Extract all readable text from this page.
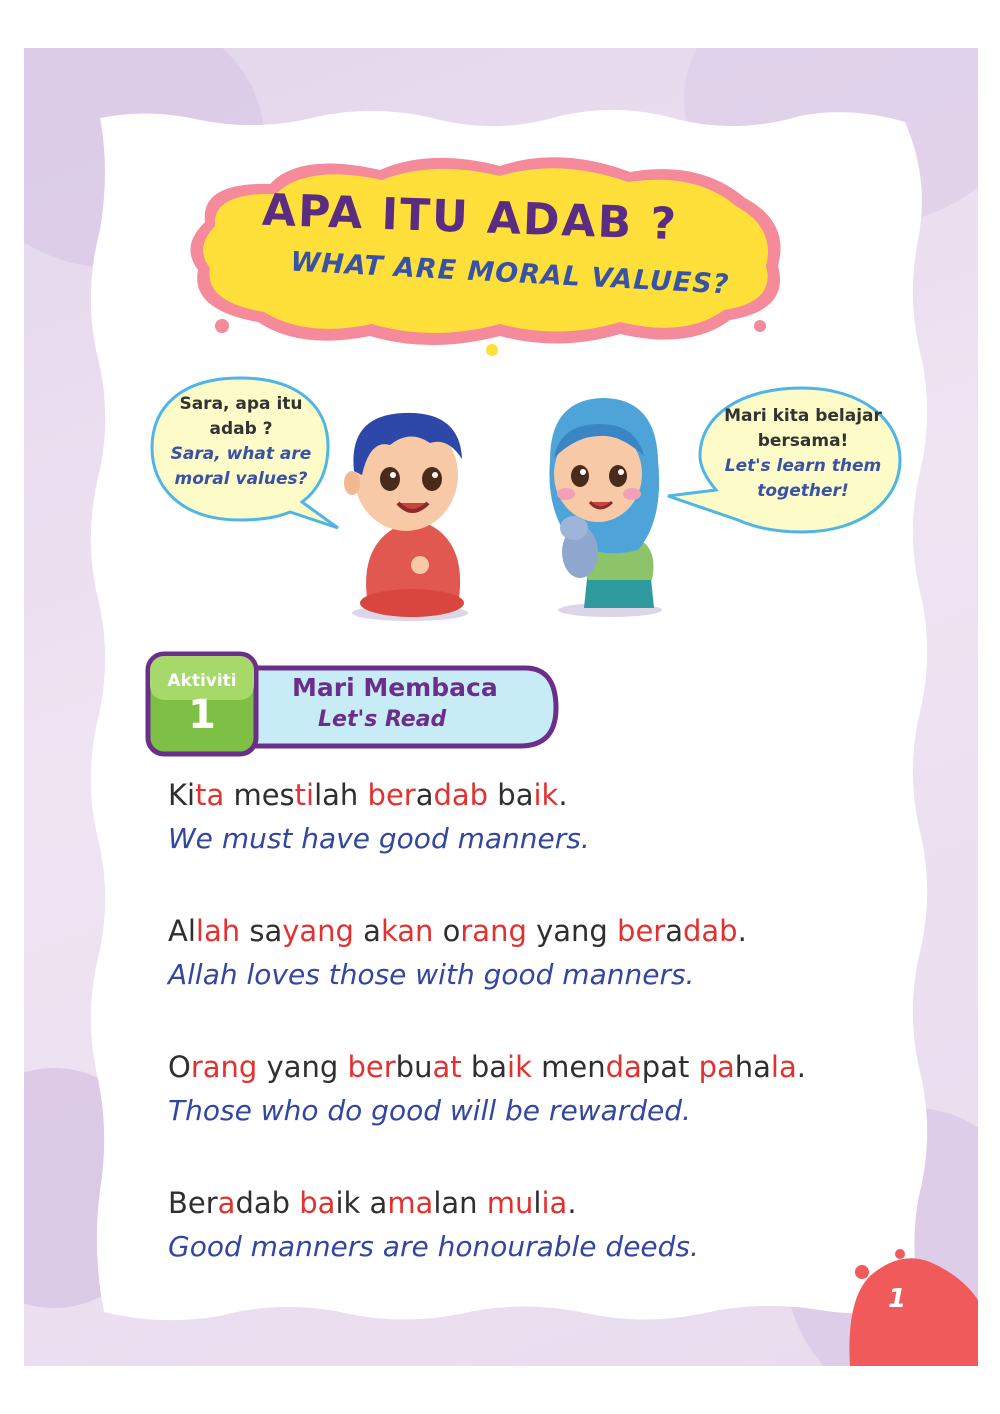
APA ITU ADAB ?
WHAT ARE MORAL VALUES?
Sara, apa itu
adab ?
Sara, what are
moral values?
Mari kita belajar
bersama!
Let's learn them
together!
Aktiviti
1
Mari Membaca
Let's Read
Kita mestilah beradab baik.
We must have good manners.
Allah sayang akan orang yang beradab.
Allah loves those with good manners.
Orang yang berbuat baik mendapat pahala.
Those who do good will be rewarded.
Beradab baik amalan mulia.
Good manners are honourable deeds.
1
